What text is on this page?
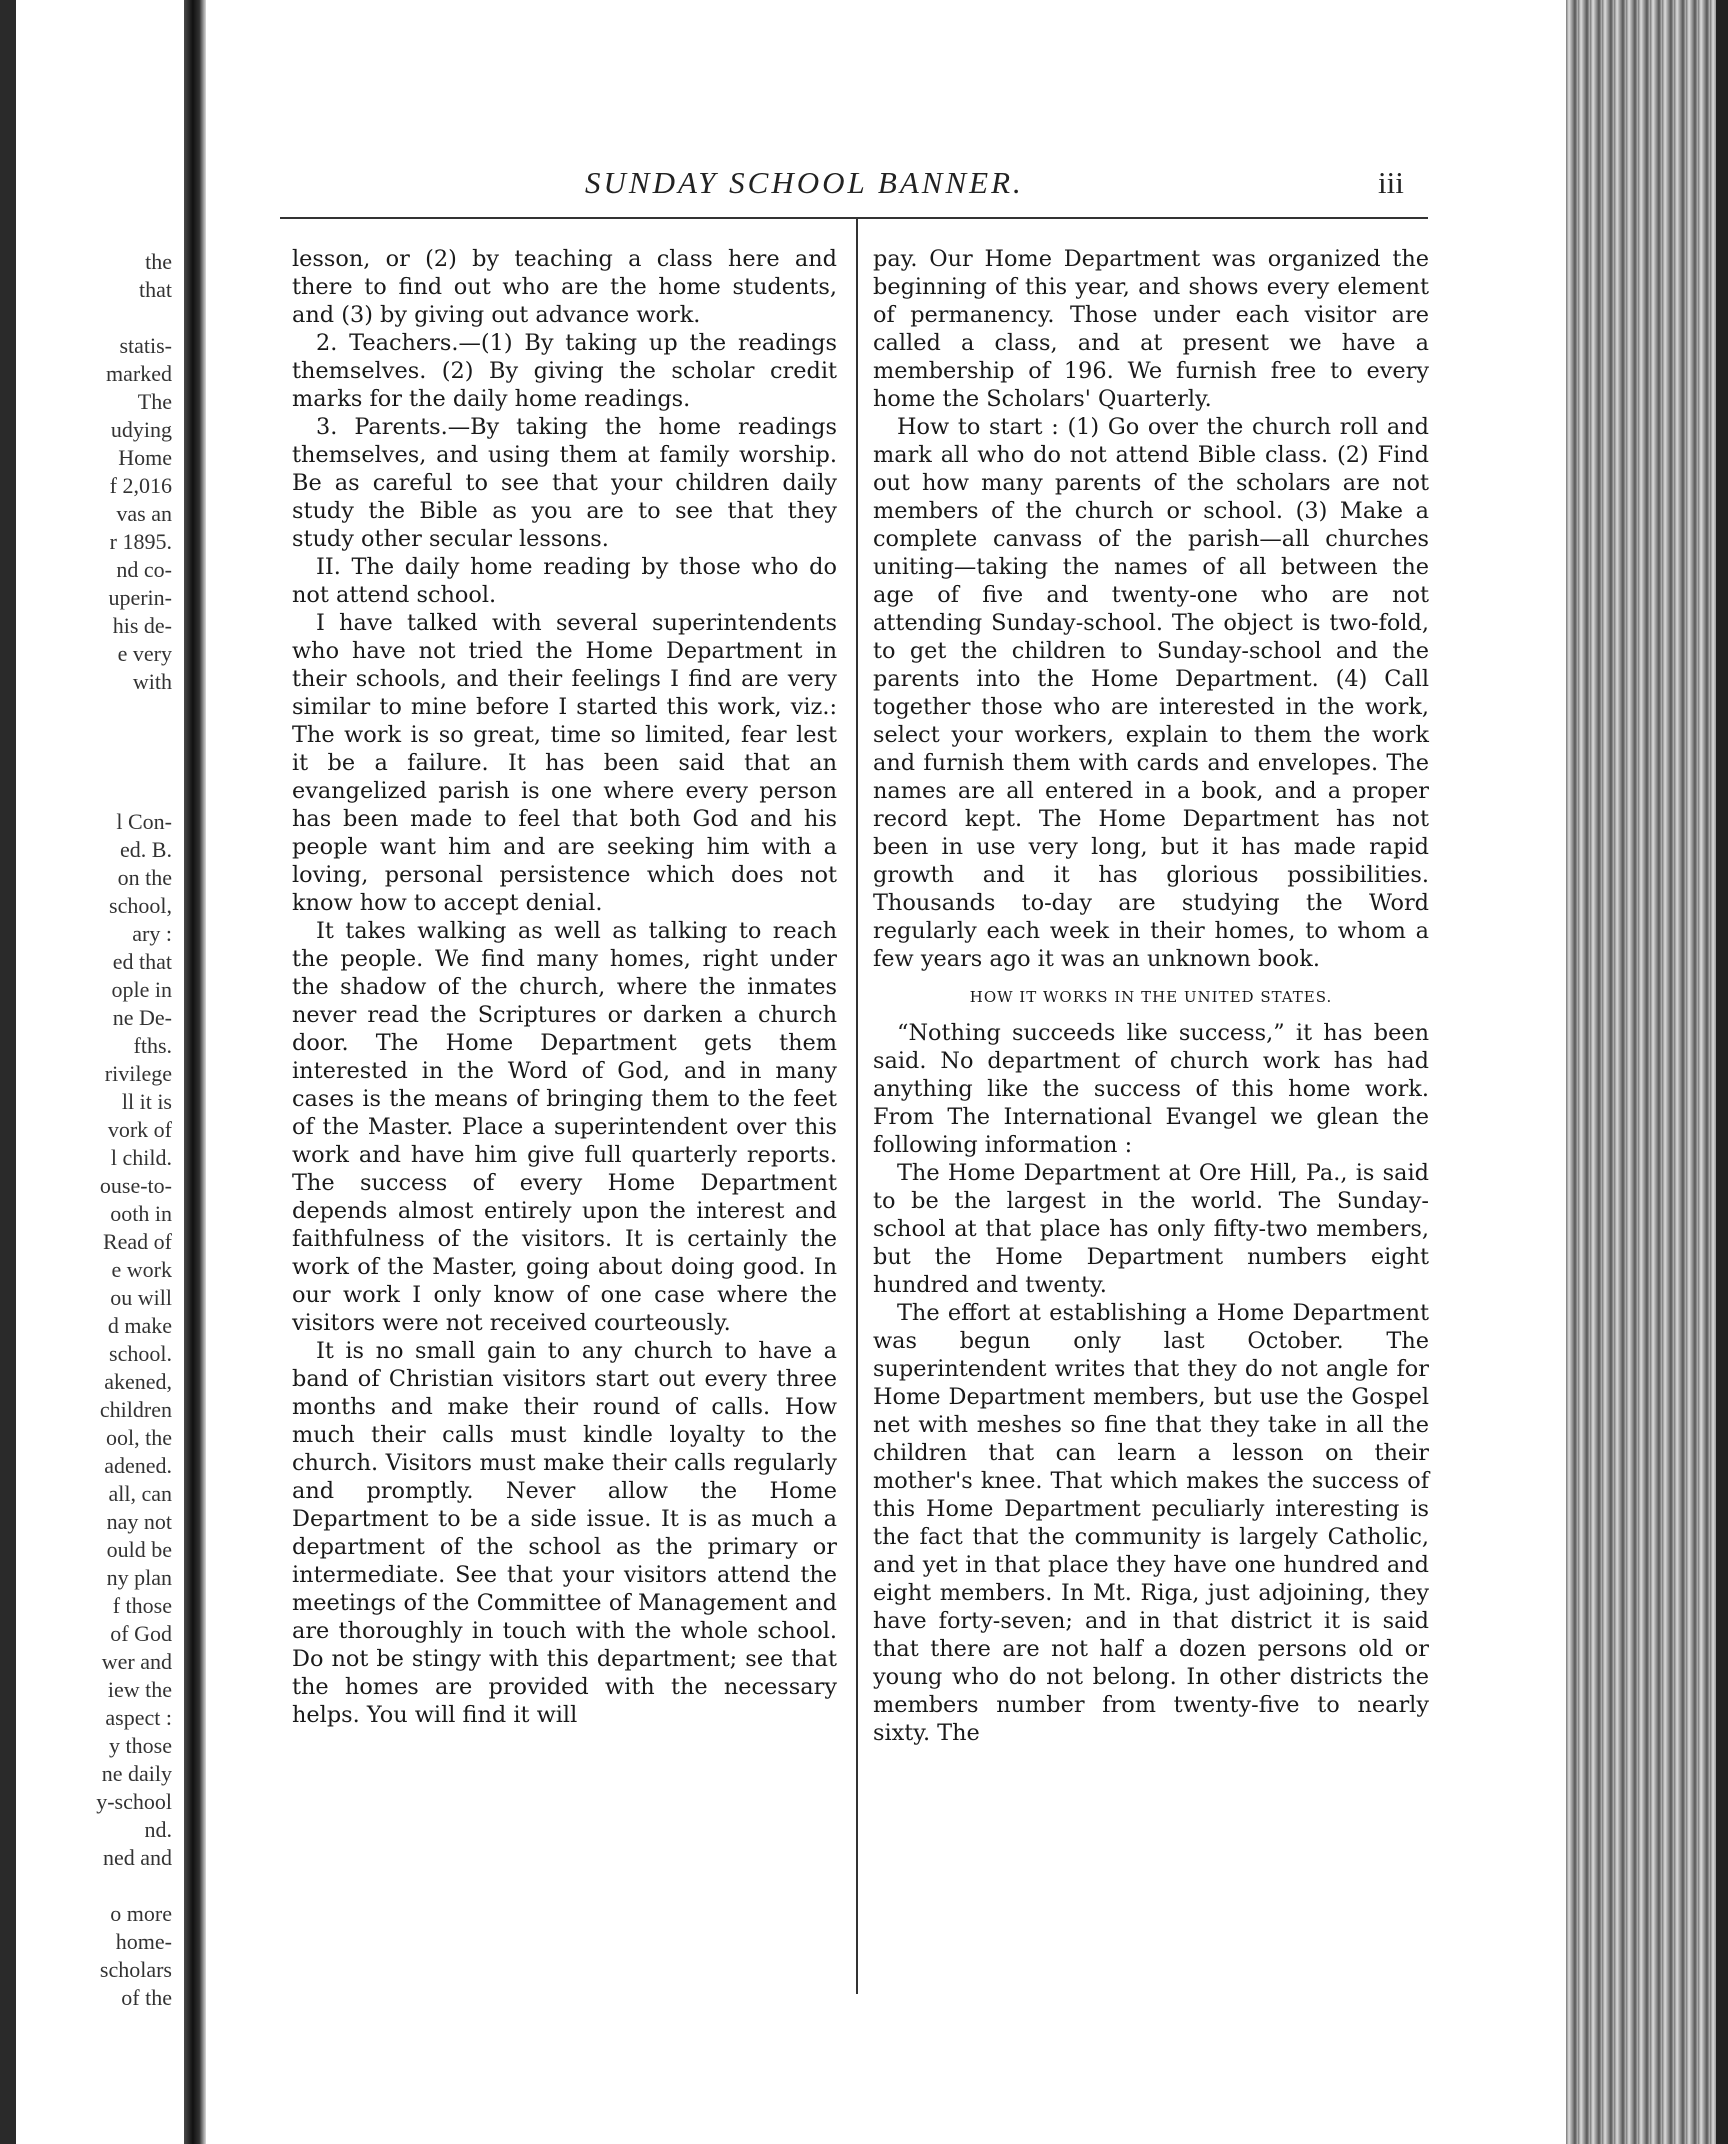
the
that
statis-
marked
The
udying
Home
f 2,016
vas an
r 1895.
nd co-
uperin-
his de-
e very
with
l Con-
ed. B.
on the
school,
ary :
ed that
ople in
ne De-
fths.
rivilege
ll it is
vork of
l child.
ouse-to-
ooth in
Read of
e work
ou will
d make
school.
akened,
children
ool, the
adened.
all, can
nay not
ould be
ny plan
f those
of God
wer and
iew the
aspect :
y those
ne daily
y-school
nd.
ned and
o more
home-
scholars
of the
SUNDAY SCHOOL BANNER.	iii

lesson, or (2) by teaching a class here and there to find out who are the home students, and (3) by giving out advance work.

2. Teachers.—(1) By taking up the readings themselves. (2) By giving the scholar credit marks for the daily home readings.

3. Parents.—By taking the home readings themselves, and using them at family worship. Be as careful to see that your children daily study the Bible as you are to see that they study other secular lessons.

II. The daily home reading by those who do not attend school.

I have talked with several superintendents who have not tried the Home Department in their schools, and their feelings I find are very similar to mine before I started this work, viz.: The work is so great, time so limited, fear lest it be a failure. It has been said that an evangelized parish is one where every person has been made to feel that both God and his people want him and are seeking him with a loving, personal persistence which does not know how to accept denial.

It takes walking as well as talking to reach the people. We find many homes, right under the shadow of the church, where the inmates never read the Scriptures or darken a church door. The Home Department gets them interested in the Word of God, and in many cases is the means of bringing them to the feet of the Master. Place a superintendent over this work and have him give full quarterly reports. The success of every Home Department depends almost entirely upon the interest and faithfulness of the visitors. It is certainly the work of the Master, going about doing good. In our work I only know of one case where the visitors were not received courteously.

It is no small gain to any church to have a band of Christian visitors start out every three months and make their round of calls. How much their calls must kindle loyalty to the church. Visitors must make their calls regularly and promptly. Never allow the Home Department to be a side issue. It is as much a department of the school as the primary or intermediate. See that your visitors attend the meetings of the Committee of Management and are thoroughly in touch with the whole school. Do not be stingy with this department; see that the homes are provided with the necessary helps. You will find it will

pay. Our Home Department was organized the beginning of this year, and shows every element of permanency. Those under each visitor are called a class, and at present we have a membership of 196. We furnish free to every home the Scholars' Quarterly.

How to start : (1) Go over the church roll and mark all who do not attend Bible class. (2) Find out how many parents of the scholars are not members of the church or school. (3) Make a complete canvass of the parish—all churches uniting—taking the names of all between the age of five and twenty-one who are not attending Sunday-school. The object is two-fold, to get the children to Sunday-school and the parents into the Home Department. (4) Call together those who are interested in the work, select your workers, explain to them the work and furnish them with cards and envelopes. The names are all entered in a book, and a proper record kept. The Home Department has not been in use very long, but it has made rapid growth and it has glorious possibilities. Thousands to-day are studying the Word regularly each week in their homes, to whom a few years ago it was an unknown book.

HOW IT WORKS IN THE UNITED STATES.

“Nothing succeeds like success,” it has been said. No department of church work has had anything like the success of this home work. From The International Evangel we glean the following information :

The Home Department at Ore Hill, Pa., is said to be the largest in the world. The Sunday-school at that place has only fifty-two members, but the Home Department numbers eight hundred and twenty.

The effort at establishing a Home Department was begun only last October. The superintendent writes that they do not angle for Home Department members, but use the Gospel net with meshes so fine that they take in all the children that can learn a lesson on their mother's knee. That which makes the success of this Home Department peculiarly interesting is the fact that the community is largely Catholic, and yet in that place they have one hundred and eight members. In Mt. Riga, just adjoining, they have forty-seven; and in that district it is said that there are not half a dozen persons old or young who do not belong. In other districts the members number from twenty-five to nearly sixty. The
